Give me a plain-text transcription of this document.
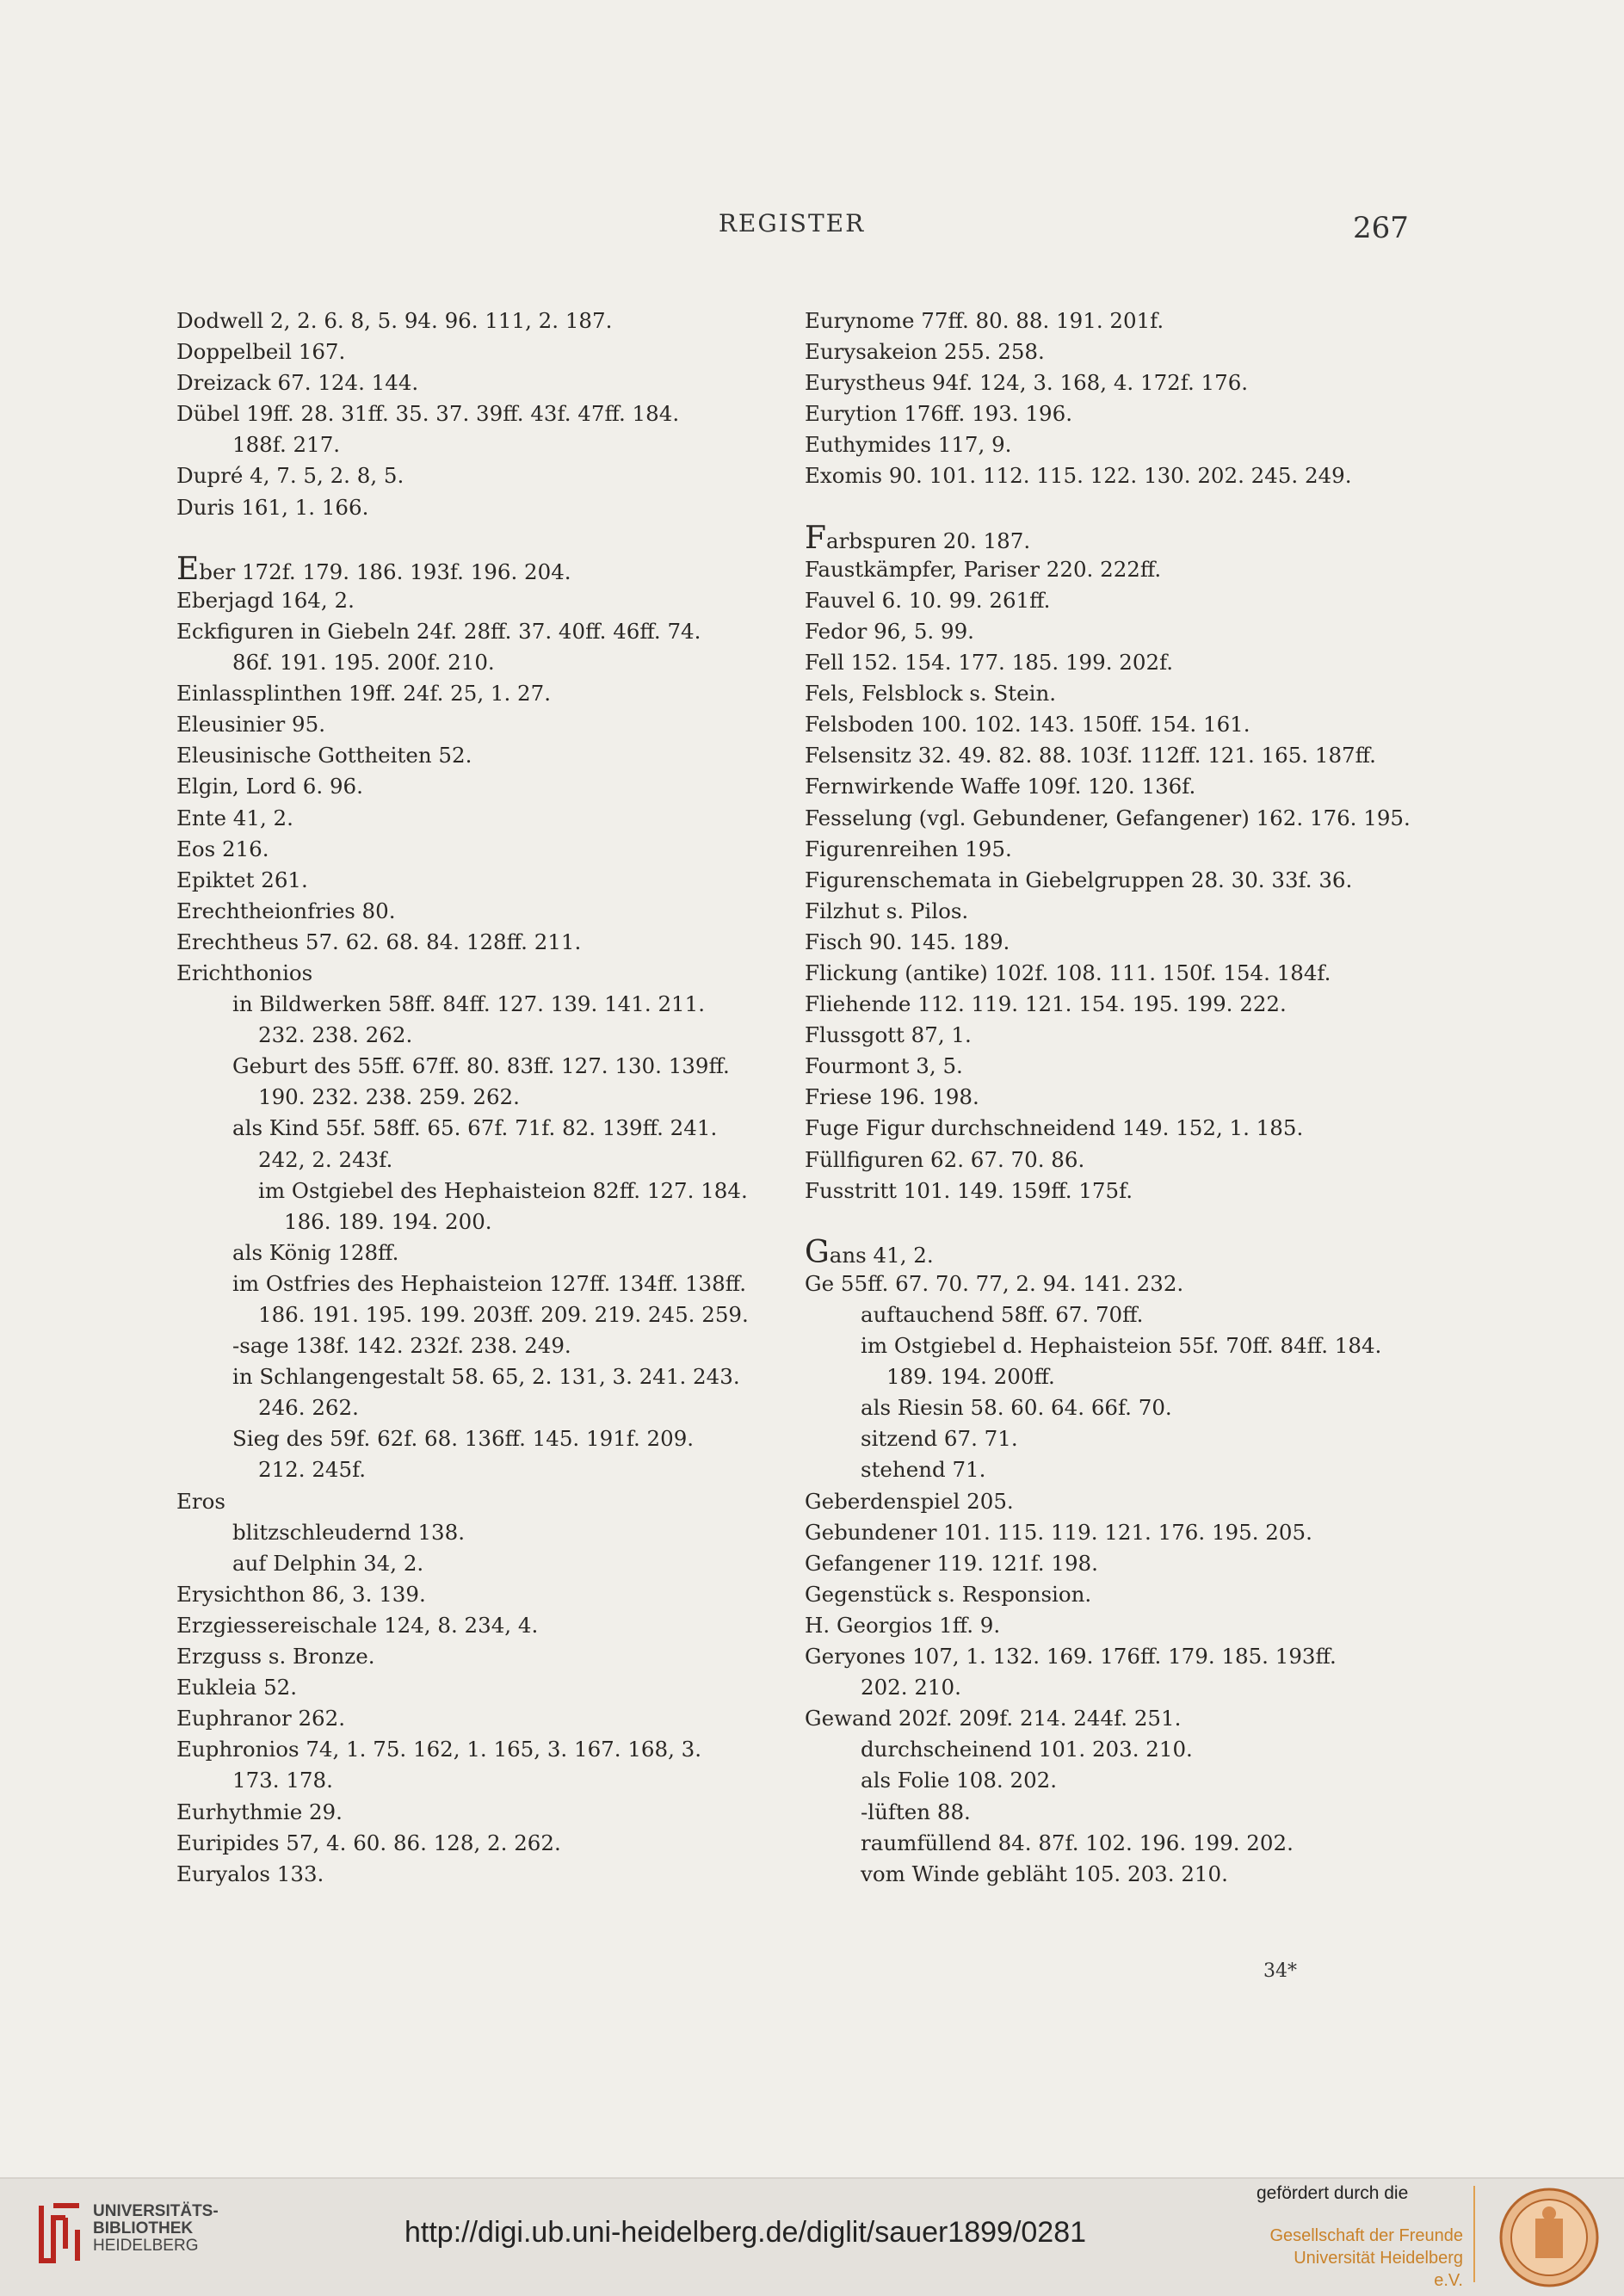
REGISTER	267
Dodwell 2, 2. 6. 8, 5. 94. 96. 111, 2. 187.
Doppelbeil 167.
Dreizack 67. 124. 144.
Dübel 19ff. 28. 31ff. 35. 37. 39ff. 43f. 47ff. 184.
188f. 217.
Dupré 4, 7. 5, 2. 8, 5.
Duris 161, 1. 166.
Eber 172f. 179. 186. 193f. 196. 204.
Eberjagd 164, 2.
Eckfiguren in Giebeln 24f. 28ff. 37. 40ff. 46ff. 74.
86f. 191. 195. 200f. 210.
Einlassplinthen 19ff. 24f. 25, 1. 27.
Eleusinier 95.
Eleusinische Gottheiten 52.
Elgin, Lord 6. 96.
Ente 41, 2.
Eos 216.
Epiktet 261.
Erechtheionfries 80.
Erechtheus 57. 62. 68. 84. 128ff. 211.
Erichthonios
in Bildwerken 58ff. 84ff. 127. 139. 141. 211.
232. 238. 262.
Geburt des 55ff. 67ff. 80. 83ff. 127. 130. 139ff.
190. 232. 238. 259. 262.
als Kind 55f. 58ff. 65. 67f. 71f. 82. 139ff. 241.
242, 2. 243f.
im Ostgiebel des Hephaisteion 82ff. 127. 184.
186. 189. 194. 200.
als König 128ff.
im Ostfries des Hephaisteion 127ff. 134ff. 138ff.
186. 191. 195. 199. 203ff. 209. 219. 245. 259.
-sage 138f. 142. 232f. 238. 249.
in Schlangengestalt 58. 65, 2. 131, 3. 241. 243.
246. 262.
Sieg des 59f. 62f. 68. 136ff. 145. 191f. 209.
212. 245f.
Eros
blitzschleudernd 138.
auf Delphin 34, 2.
Erysichthon 86, 3. 139.
Erzgiessereischale 124, 8. 234, 4.
Erzguss s. Bronze.
Eukleia 52.
Euphranor 262.
Euphronios 74, 1. 75. 162, 1. 165, 3. 167. 168, 3.
173. 178.
Eurhythmie 29.
Euripides 57, 4. 60. 86. 128, 2. 262.
Euryalos 133.
Eurynome 77ff. 80. 88. 191. 201f.
Eurysakeion 255. 258.
Eurystheus 94f. 124, 3. 168, 4. 172f. 176.
Eurytion 176ff. 193. 196.
Euthymides 117, 9.
Exomis 90. 101. 112. 115. 122. 130. 202. 245. 249.
Farbspuren 20. 187.
Faustkämpfer, Pariser 220. 222ff.
Fauvel 6. 10. 99. 261ff.
Fedor 96, 5. 99.
Fell 152. 154. 177. 185. 199. 202f.
Fels, Felsblock s. Stein.
Felsboden 100. 102. 143. 150ff. 154. 161.
Felsensitz 32. 49. 82. 88. 103f. 112ff. 121. 165. 187ff.
Fernwirkende Waffe 109f. 120. 136f.
Fesselung (vgl. Gebundener, Gefangener) 162. 176. 195.
Figurenreihen 195.
Figurenschemata in Giebelgruppen 28. 30. 33f. 36.
Filzhut s. Pilos.
Fisch 90. 145. 189.
Flickung (antike) 102f. 108. 111. 150f. 154. 184f.
Fliehende 112. 119. 121. 154. 195. 199. 222.
Flussgott 87, 1.
Fourmont 3, 5.
Friese 196. 198.
Fuge Figur durchschneidend 149. 152, 1. 185.
Füllfiguren 62. 67. 70. 86.
Fusstritt 101. 149. 159ff. 175f.
Gans 41, 2.
Ge 55ff. 67. 70. 77, 2. 94. 141. 232.
auftauchend 58ff. 67. 70ff.
im Ostgiebel d. Hephaisteion 55f. 70ff. 84ff. 184.
189. 194. 200ff.
als Riesin 58. 60. 64. 66f. 70.
sitzend 67. 71.
stehend 71.
Geberdenspiel 205.
Gebundener 101. 115. 119. 121. 176. 195. 205.
Gefangener 119. 121f. 198.
Gegenstück s. Responsion.
H. Georgios 1ff. 9.
Geryones 107, 1. 132. 169. 176ff. 179. 185. 193ff.
202. 210.
Gewand 202f. 209f. 214. 244f. 251.
durchscheinend 101. 203. 210.
als Folie 108. 202.
-lüften 88.
raumfüllend 84. 87f. 102. 196. 199. 202.
vom Winde gebläht 105. 203. 210.
34*
UNIVERSITÄTS-
BIBLIOTHEK
HEIDELBERG	http://digi.ub.uni-heidelberg.de/diglit/sauer1899/0281
gefördert durch die
Gesellschaft der Freunde
Universität Heidelberg e.V.
